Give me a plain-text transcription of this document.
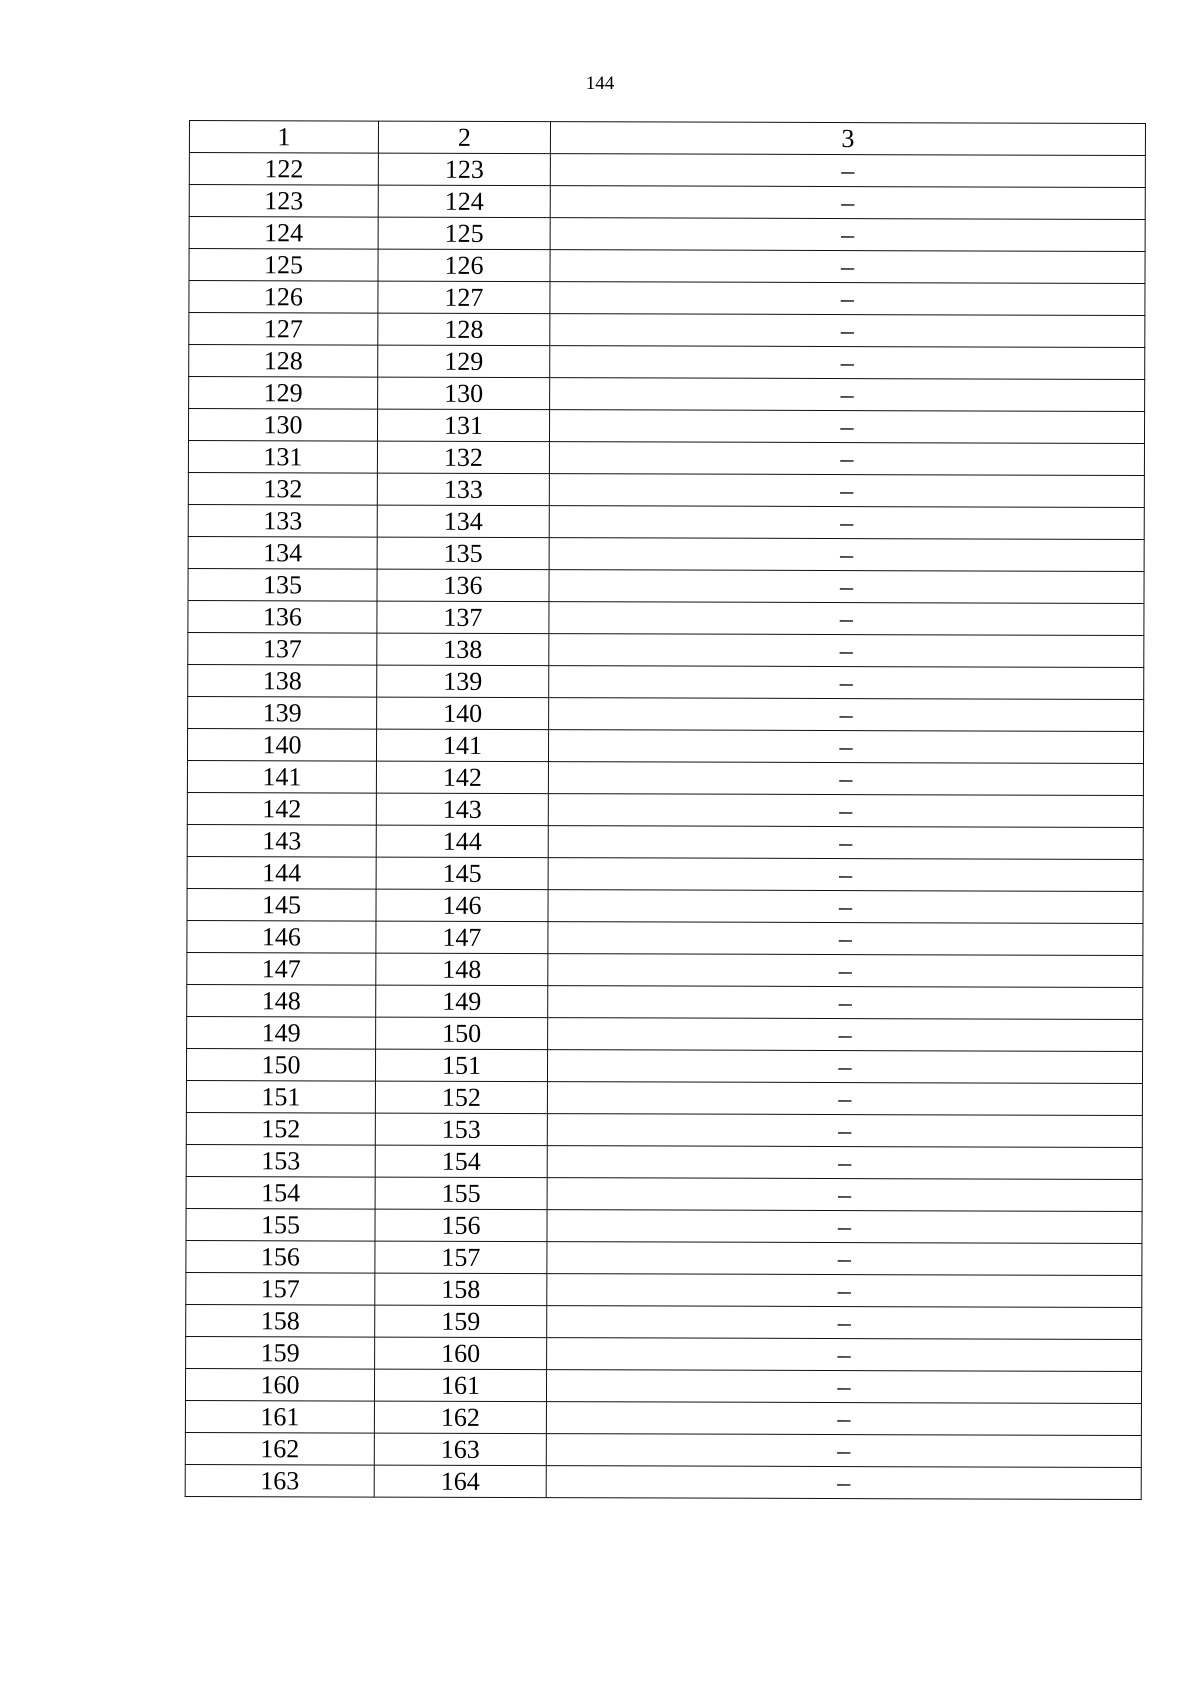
144
1	2	3
122	123	–
123	124	–
124	125	–
125	126	–
126	127	–
127	128	–
128	129	–
129	130	–
130	131	–
131	132	–
132	133	–
133	134	–
134	135	–
135	136	–
136	137	–
137	138	–
138	139	–
139	140	–
140	141	–
141	142	–
142	143	–
143	144	–
144	145	–
145	146	–
146	147	–
147	148	–
148	149	–
149	150	–
150	151	–
151	152	–
152	153	–
153	154	–
154	155	–
155	156	–
156	157	–
157	158	–
158	159	–
159	160	–
160	161	–
161	162	–
162	163	–
163	164	–
